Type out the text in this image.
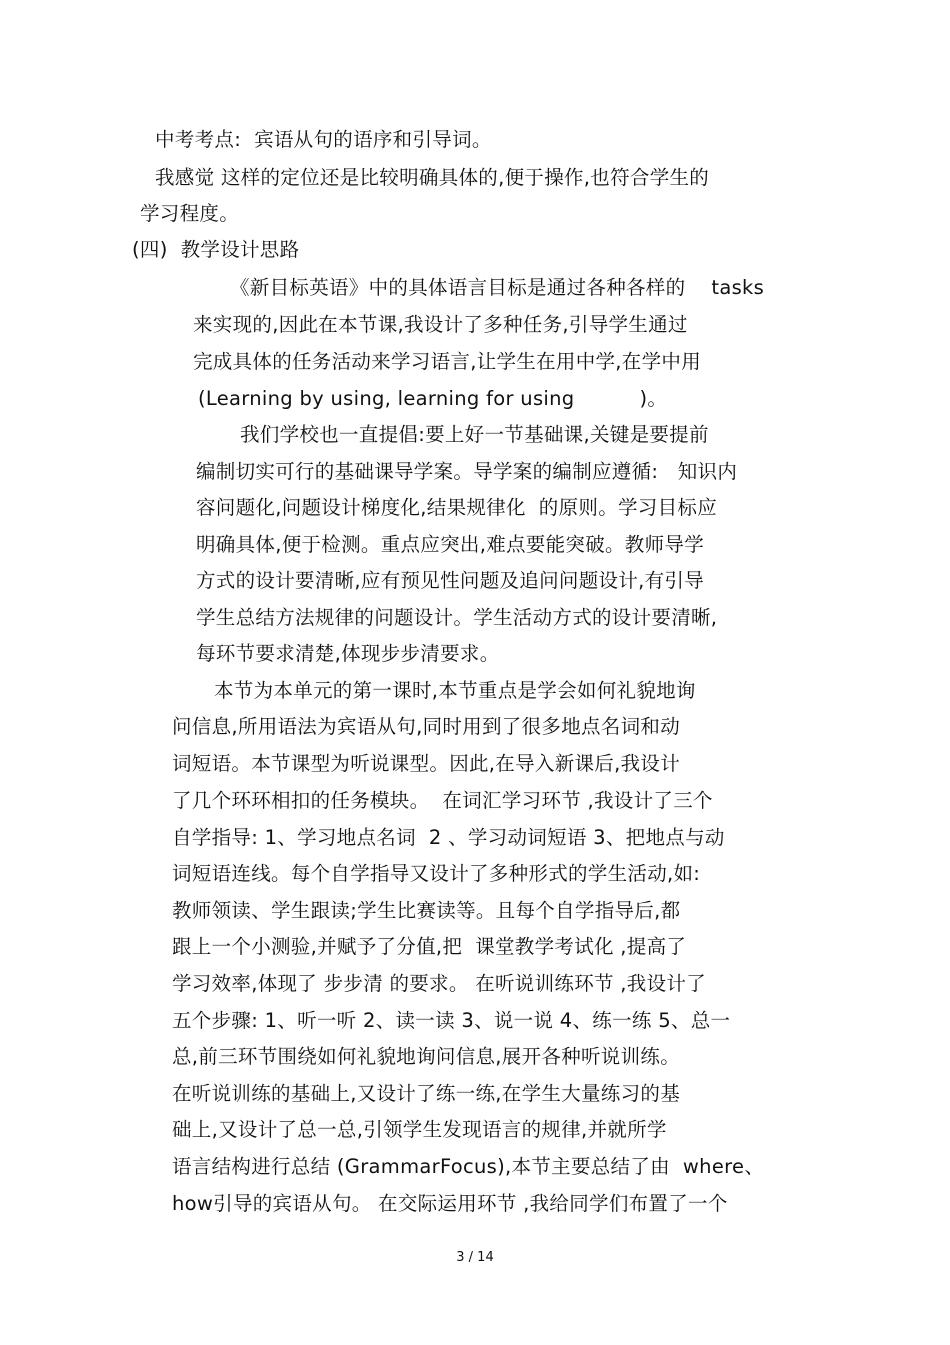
中考考点:  宾语从句的语序和引导词。
我感觉 这样的定位还是比较明确具体的,便于操作,也符合学生的
学习程度。
(四)  教学设计思路
《新目标英语》中的具体语言目标是通过各种各样的    tasks
来实现的,因此在本节课,我设计了多种任务,引导学生通过
完成具体的任务活动来学习语言,让学生在用中学,在学中用
(Learning by using, learning for using          )。
我们学校也一直提倡:要上好一节基础课,关键是要提前
编制切实可行的基础课导学案。导学案的编制应遵循:   知识内
容问题化,问题设计梯度化,结果规律化  的原则。学习目标应
明确具体,便于检测。重点应突出,难点要能突破。教师导学
方式的设计要清晰,应有预见性问题及追问问题设计,有引导
学生总结方法规律的问题设计。学生活动方式的设计要清晰,
每环节要求清楚,体现步步清要求。
本节为本单元的第一课时,本节重点是学会如何礼貌地询
问信息,所用语法为宾语从句,同时用到了很多地点名词和动
词短语。本节课型为听说课型。因此,在导入新课后,我设计
了几个环环相扣的任务模块。  在词汇学习环节 ,我设计了三个
自学指导: 1、学习地点名词  2 、学习动词短语 3、把地点与动
词短语连线。每个自学指导又设计了多种形式的学生活动,如:
教师领读、学生跟读;学生比赛读等。且每个自学指导后,都
跟上一个小测验,并赋予了分值,把  课堂教学考试化 ,提高了
学习效率,体现了 步步清 的要求。 在听说训练环节 ,我设计了
五个步骤: 1、听一听 2、读一读 3、说一说 4、练一练 5、总一
总,前三环节围绕如何礼貌地询问信息,展开各种听说训练。
在听说训练的基础上,又设计了练一练,在学生大量练习的基
础上,又设计了总一总,引领学生发现语言的规律,并就所学
语言结构进行总结 (GrammarFocus),本节主要总结了由  where、
how引导的宾语从句。 在交际运用环节 ,我给同学们布置了一个
3 / 14
